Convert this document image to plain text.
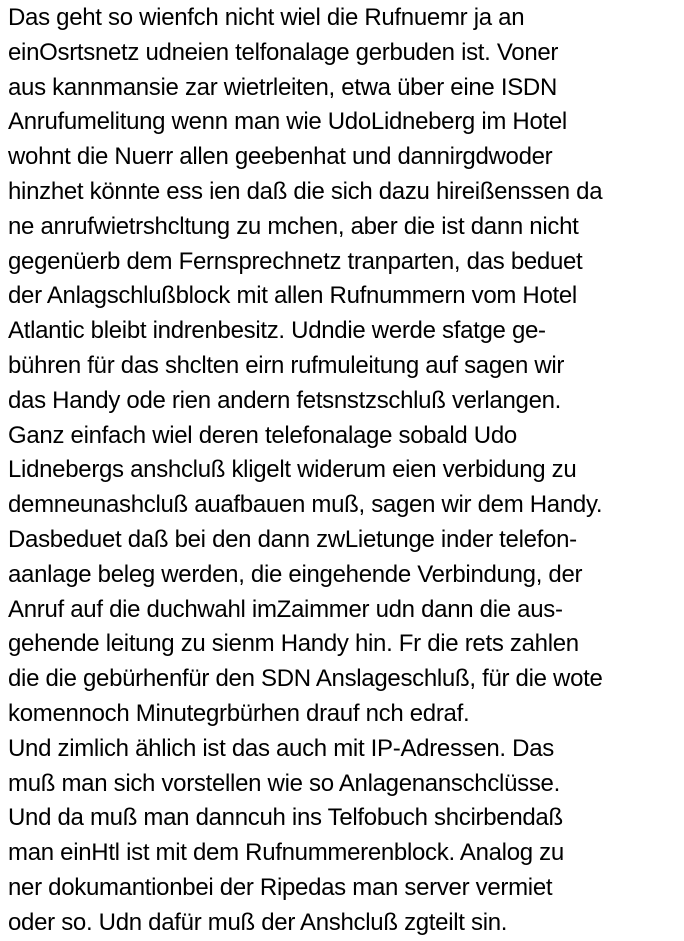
Das geht so wienfch nicht wiel die Rufnuemr ja an
einOsrtsnetz udneien telfonalage gerbuden ist. Voner
aus kannmansie zar wietrleiten, etwa über eine ISDN
Anrufumelitung wenn man wie UdoLidneberg im Hotel
wohnt die Nuerr allen geebenhat und dannirgdwoder
hinzhet könnte ess ien daß die sich dazu hireißenssen da
ne anrufwietrshcltung zu mchen, aber die ist dann nicht
gegenüerb dem Fernsprechnetz tranparten, das beduet
der Anlagschlußblock mit allen Rufnummern vom Hotel
Atlantic bleibt indrenbesitz. Udndie werde sfatge ge-
bühren für das shclten eirn rufmuleitung auf sagen wir
das Handy ode rien andern fetsnstzschluß verlangen.
Ganz einfach wiel deren telefonalage sobald Udo
Lidnebergs anshcluß kligelt widerum eien verbidung zu
demneunashcluß auafbauen muß, sagen wir dem Handy.
Dasbeduet daß bei den dann zwLietunge inder telefon-
aanlage beleg werden, die eingehende Verbindung, der
Anruf auf die duchwahl imZaimmer udn dann die aus-
gehende leitung zu sienm Handy hin. Fr die rets zahlen
die die gebürhenfür den SDN Anslageschluß, für die wote
komennoch Minutegrbürhen drauf nch edraf.
Und zimlich ählich ist das auch mit IP-Adressen. Das
muß man sich vorstellen wie so Anlagenanschclüsse.
Und da muß man danncuh ins Telfobuch shcirbendaß
man einHtl ist mit dem Rufnummerenblock. Analog zu
ner dokumantionbei der Ripedas man server vermiet
oder so. Udn dafür muß der Anshcluß zgteilt sin.
